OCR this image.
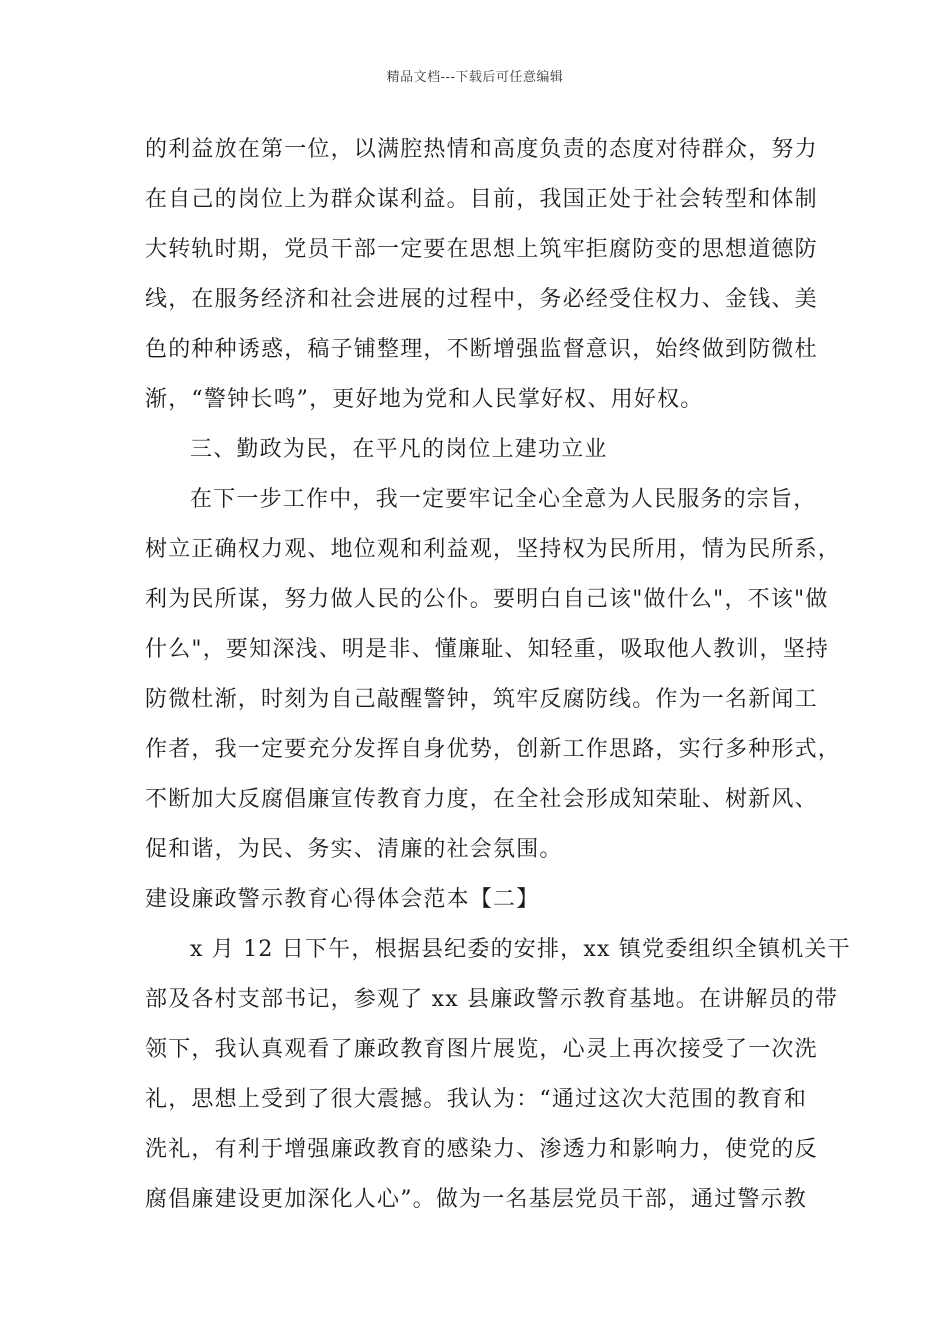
精品文档---下载后可任意编辑
的利益放在第一位，以满腔热情和高度负责的态度对待群众，努力
在自己的岗位上为群众谋利益。目前，我国正处于社会转型和体制
大转轨时期，党员干部一定要在思想上筑牢拒腐防变的思想道德防
线，在服务经济和社会进展的过程中，务必经受住权力、金钱、美
色的种种诱惑，稿子铺整理，不断增强监督意识，始终做到防微杜
渐，“警钟长鸣”，更好地为党和人民掌好权、用好权。
三、勤政为民，在平凡的岗位上建功立业
在下一步工作中，我一定要牢记全心全意为人民服务的宗旨，
树立正确权力观、地位观和利益观，坚持权为民所用，情为民所系，
利为民所谋，努力做人民的公仆。要明白自己该"做什么"，不该"做
什么"，要知深浅、明是非、懂廉耻、知轻重，吸取他人教训，坚持
防微杜渐，时刻为自己敲醒警钟，筑牢反腐防线。作为一名新闻工
作者，我一定要充分发挥自身优势，创新工作思路，实行多种形式，
不断加大反腐倡廉宣传教育力度，在全社会形成知荣耻、树新风、
促和谐，为民、务实、清廉的社会氛围。
建设廉政警示教育心得体会范本【二】
x 月 12 日下午，根据县纪委的安排，xx 镇党委组织全镇机关干
部及各村支部书记，参观了 xx 县廉政警示教育基地。在讲解员的带
领下，我认真观看了廉政教育图片展览，心灵上再次接受了一次洗
礼，思想上受到了很大震撼。我认为：“通过这次大范围的教育和
洗礼，有利于增强廉政教育的感染力、渗透力和影响力，使党的反
腐倡廉建设更加深化人心”。做为一名基层党员干部，通过警示教
